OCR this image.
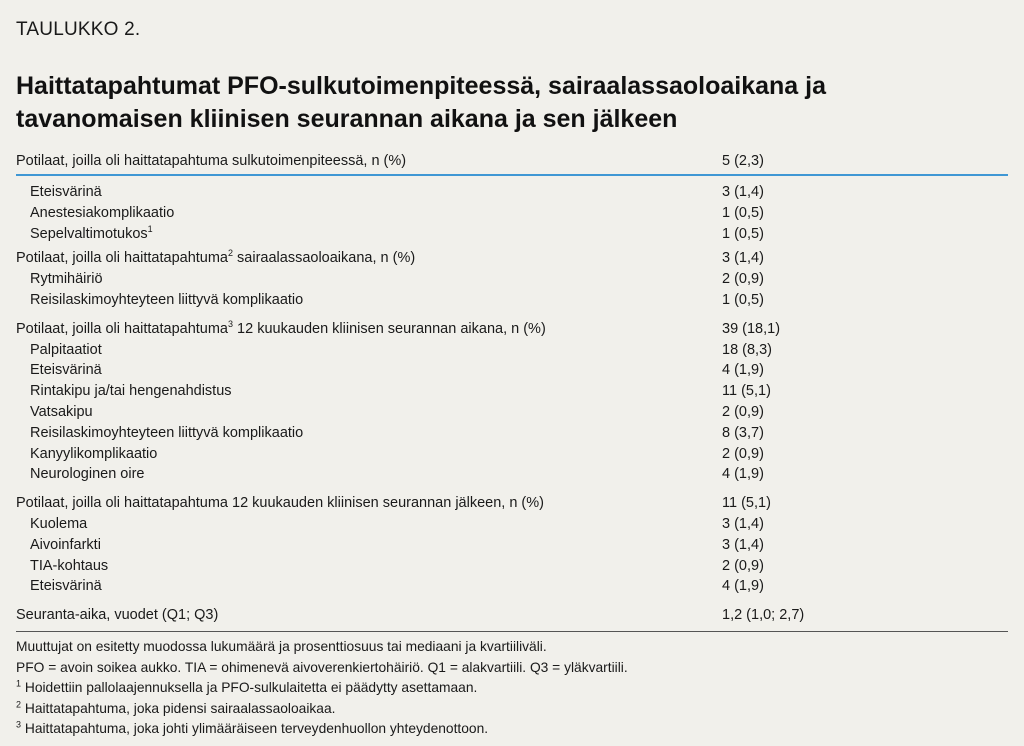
TAULUKKO 2.
Haittatapahtumat PFO-sulkutoimenpiteessä, sairaalassaoloaikana ja
tavanomaisen kliinisen seurannan aikana ja sen jälkeen
Potilaat, joilla oli haittatapahtuma sulkutoimenpiteessä, n (%)	5 (2,3)
Eteisvärinä	3 (1,4)
Anestesiakomplikaatio	1 (0,5)
Sepelvaltimotukos$^1$	1 (0,5)
Potilaat, joilla oli haittatapahtuma$^2$ sairaalassaoloaikana, n (%)	3 (1,4)
Rytmihäiriö	2 (0,9)
Reisilaskimoyhteyteen liittyvä komplikaatio	1 (0,5)
Potilaat, joilla oli haittatapahtuma$^3$ 12 kuukauden kliinisen seurannan aikana, n (%)	39 (18,1)
Palpitaatiot	18 (8,3)
Eteisvärinä	4 (1,9)
Rintakipu ja/tai hengenahdistus	11 (5,1)
Vatsakipu	2 (0,9)
Reisilaskimoyhteyteen liittyvä komplikaatio	8 (3,7)
Kanyylikomplikaatio	2 (0,9)
Neurologinen oire	4 (1,9)
Potilaat, joilla oli haittatapahtuma 12 kuukauden kliinisen seurannan jälkeen, n (%)	11 (5,1)
Kuolema	3 (1,4)
Aivoinfarkti	3 (1,4)
TIA-kohtaus	2 (0,9)
Eteisvärinä	4 (1,9)
Seuranta-aika, vuodet (Q1; Q3)	1,2 (1,0; 2,7)
Muuttujat on esitetty muodossa lukumäärä ja prosenttiosuus tai mediaani ja kvartiiliväli.
PFO = avoin soikea aukko. TIA = ohimenevä aivoverenkiertohäiriö. Q1 = alakvartiili. Q3 = yläkvartiili.
$^1$ Hoidettiin pallolaajennuksella ja PFO-sulkulaitetta ei päädytty asettamaan.
$^2$ Haittatapahtuma, joka pidensi sairaalassaoloaikaa.
$^3$ Haittatapahtuma, joka johti ylimääräiseen terveydenhuollon yhteydenottoon.
